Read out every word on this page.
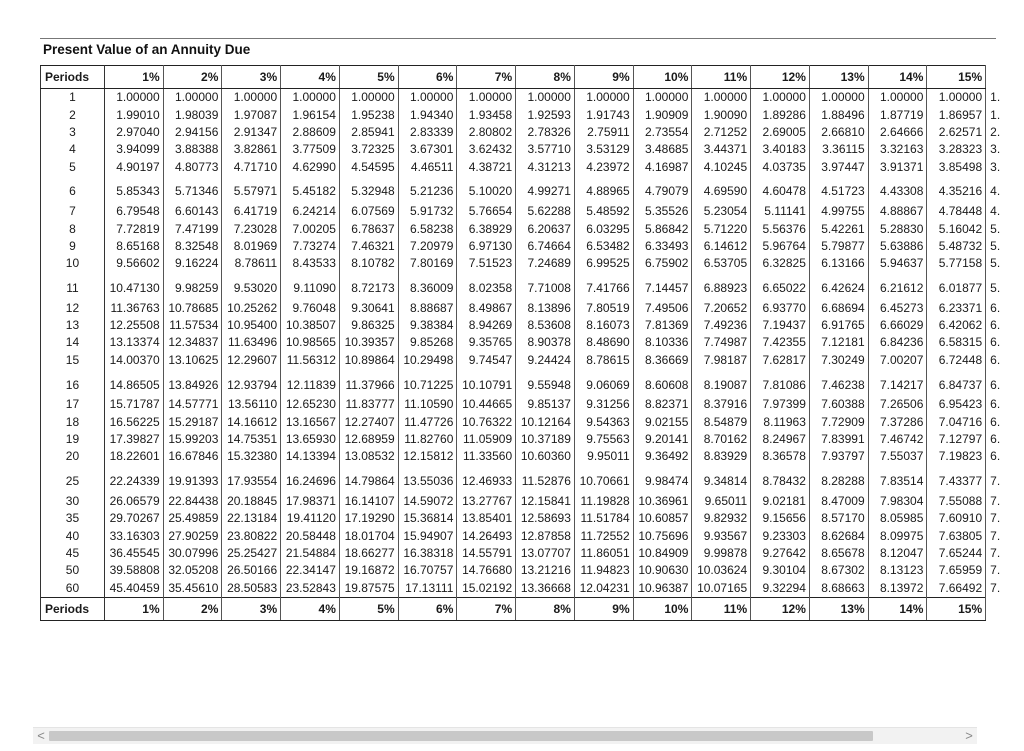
Present Value of an Annuity Due
Periods	1%	2%	3%	4%	5%	6%	7%	8%	9%	10%	11%	12%	13%	14%	15%	
1	1.00000	1.00000	1.00000	1.00000	1.00000	1.00000	1.00000	1.00000	1.00000	1.00000	1.00000	1.00000	1.00000	1.00000	1.00000	1.
2	1.99010	1.98039	1.97087	1.96154	1.95238	1.94340	1.93458	1.92593	1.91743	1.90909	1.90090	1.89286	1.88496	1.87719	1.86957	1.
3	2.97040	2.94156	2.91347	2.88609	2.85941	2.83339	2.80802	2.78326	2.75911	2.73554	2.71252	2.69005	2.66810	2.64666	2.62571	2.
4	3.94099	3.88388	3.82861	3.77509	3.72325	3.67301	3.62432	3.57710	3.53129	3.48685	3.44371	3.40183	3.36115	3.32163	3.28323	3.
5	4.90197	4.80773	4.71710	4.62990	4.54595	4.46511	4.38721	4.31213	4.23972	4.16987	4.10245	4.03735	3.97447	3.91371	3.85498	3.
6	5.85343	5.71346	5.57971	5.45182	5.32948	5.21236	5.10020	4.99271	4.88965	4.79079	4.69590	4.60478	4.51723	4.43308	4.35216	4.
7	6.79548	6.60143	6.41719	6.24214	6.07569	5.91732	5.76654	5.62288	5.48592	5.35526	5.23054	5.11141	4.99755	4.88867	4.78448	4.
8	7.72819	7.47199	7.23028	7.00205	6.78637	6.58238	6.38929	6.20637	6.03295	5.86842	5.71220	5.56376	5.42261	5.28830	5.16042	5.
9	8.65168	8.32548	8.01969	7.73274	7.46321	7.20979	6.97130	6.74664	6.53482	6.33493	6.14612	5.96764	5.79877	5.63886	5.48732	5.
10	9.56602	9.16224	8.78611	8.43533	8.10782	7.80169	7.51523	7.24689	6.99525	6.75902	6.53705	6.32825	6.13166	5.94637	5.77158	5.
11	10.47130	9.98259	9.53020	9.11090	8.72173	8.36009	8.02358	7.71008	7.41766	7.14457	6.88923	6.65022	6.42624	6.21612	6.01877	5.
12	11.36763	10.78685	10.25262	9.76048	9.30641	8.88687	8.49867	8.13896	7.80519	7.49506	7.20652	6.93770	6.68694	6.45273	6.23371	6.
13	12.25508	11.57534	10.95400	10.38507	9.86325	9.38384	8.94269	8.53608	8.16073	7.81369	7.49236	7.19437	6.91765	6.66029	6.42062	6.
14	13.13374	12.34837	11.63496	10.98565	10.39357	9.85268	9.35765	8.90378	8.48690	8.10336	7.74987	7.42355	7.12181	6.84236	6.58315	6.
15	14.00370	13.10625	12.29607	11.56312	10.89864	10.29498	9.74547	9.24424	8.78615	8.36669	7.98187	7.62817	7.30249	7.00207	6.72448	6.
16	14.86505	13.84926	12.93794	12.11839	11.37966	10.71225	10.10791	9.55948	9.06069	8.60608	8.19087	7.81086	7.46238	7.14217	6.84737	6.
17	15.71787	14.57771	13.56110	12.65230	11.83777	11.10590	10.44665	9.85137	9.31256	8.82371	8.37916	7.97399	7.60388	7.26506	6.95423	6.
18	16.56225	15.29187	14.16612	13.16567	12.27407	11.47726	10.76322	10.12164	9.54363	9.02155	8.54879	8.11963	7.72909	7.37286	7.04716	6.
19	17.39827	15.99203	14.75351	13.65930	12.68959	11.82760	11.05909	10.37189	9.75563	9.20141	8.70162	8.24967	7.83991	7.46742	7.12797	6.
20	18.22601	16.67846	15.32380	14.13394	13.08532	12.15812	11.33560	10.60360	9.95011	9.36492	8.83929	8.36578	7.93797	7.55037	7.19823	6.
25	22.24339	19.91393	17.93554	16.24696	14.79864	13.55036	12.46933	11.52876	10.70661	9.98474	9.34814	8.78432	8.28288	7.83514	7.43377	7.
30	26.06579	22.84438	20.18845	17.98371	16.14107	14.59072	13.27767	12.15841	11.19828	10.36961	9.65011	9.02181	8.47009	7.98304	7.55088	7.
35	29.70267	25.49859	22.13184	19.41120	17.19290	15.36814	13.85401	12.58693	11.51784	10.60857	9.82932	9.15656	8.57170	8.05985	7.60910	7.
40	33.16303	27.90259	23.80822	20.58448	18.01704	15.94907	14.26493	12.87858	11.72552	10.75696	9.93567	9.23303	8.62684	8.09975	7.63805	7.
45	36.45545	30.07996	25.25427	21.54884	18.66277	16.38318	14.55791	13.07707	11.86051	10.84909	9.99878	9.27642	8.65678	8.12047	7.65244	7.
50	39.58808	32.05208	26.50166	22.34147	19.16872	16.70757	14.76680	13.21216	11.94823	10.90630	10.03624	9.30104	8.67302	8.13123	7.65959	7.
60	45.40459	35.45610	28.50583	23.52843	19.87575	17.13111	15.02192	13.36668	12.04231	10.96387	10.07165	9.32294	8.68663	8.13972	7.66492	7.
Periods	1%	2%	3%	4%	5%	6%	7%	8%	9%	10%	11%	12%	13%	14%	15%	
<	>
